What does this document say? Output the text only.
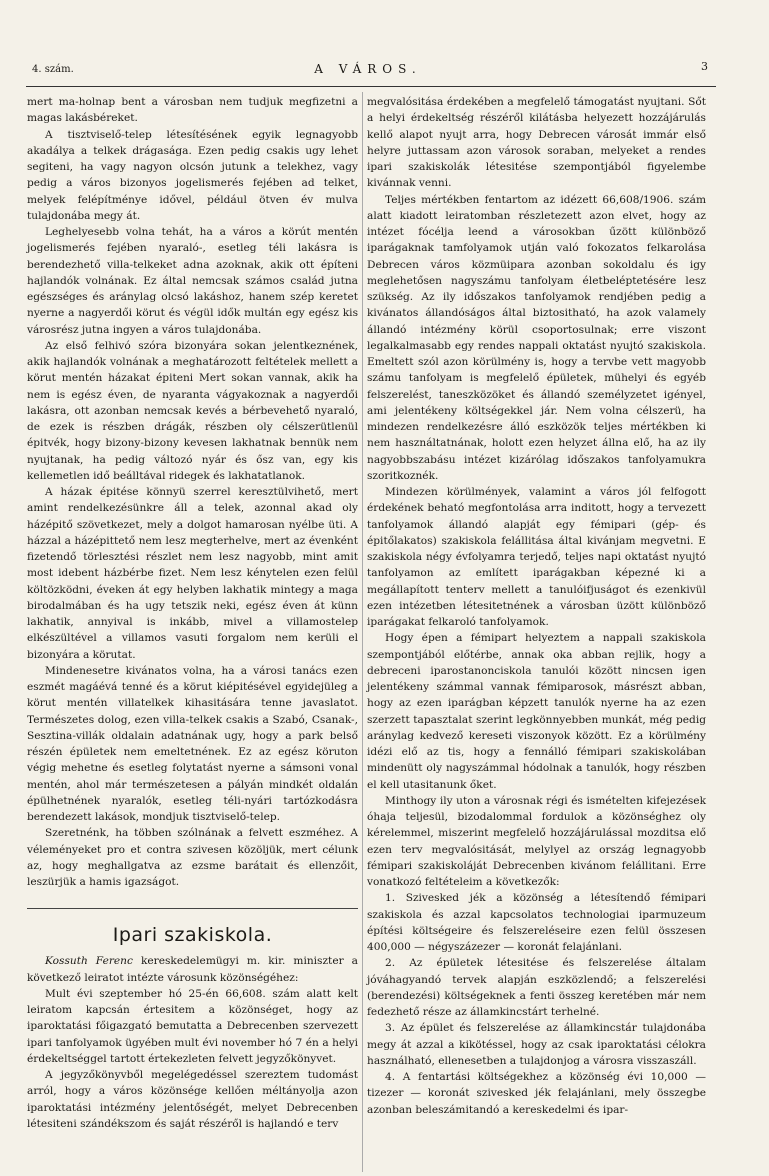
4. szám.	A VÁROS.	3

mert ma-holnap bent a városban nem tudjuk megfizetni a magas lakásbéreket.

A tisztviselő-telep létesítésének egyik legnagyobb akadálya a telkek drágasága. Ezen pedig csakis ugy lehet segiteni, ha vagy nagyon olcsón jutunk a telekhez, vagy pedig a város bizonyos jogelismerés fejében ad telket, melyek felépítménye idővel, például ötven év mulva tulajdonába megy át.

Leghelyesebb volna tehát, ha a város a körút mentén jogelismerés fejében nyaraló-, esetleg téli lakásra is berendezhető villa-telkeket adna azoknak, akik ott építeni hajlandók volnának. Ez által nemcsak számos család jutna egészséges és aránylag olcsó lakáshoz, hanem szép keretet nyerne a nagyerdői körut és végül idők multán egy egész kis városrész jutna ingyen a város tulajdonába.

Az első felhivó szóra bizonyára sokan jelentkeznének, akik hajlandók volnának a meghatározott feltételek mellett a körut mentén házakat épiteni Mert sokan vannak, akik ha nem is egész éven, de nyaranta vágyakoznak a nagyerdői lakásra, ott azonban nemcsak kevés a bérbevehető nyaraló, de ezek is részben drágák, részben oly célszerütlenül épitvék, hogy bizony-bizony kevesen lakhatnak bennük nem nyujtanak, ha pedig változó nyár és ősz van, egy kis kellemetlen idő beálltával ridegek és lakhatatlanok.

A házak épitése könnyü szerrel keresztülvihető, mert amint rendelkezésünkre áll a telek, azonnal akad oly házépitő szövetkezet, mely a dolgot hamarosan nyélbe üti. A házzal a házépittető nem lesz megterhelve, mert az évenként fizetendő törlesztési részlet nem lesz nagyobb, mint amit most idebent házbérbe fizet. Nem lesz kénytelen ezen felül költözködni, éveken át egy helyben lakhatik mintegy a maga birodalmában és ha ugy tetszik neki, egész éven át künn lakhatik, annyival is inkább, mivel a villamostelep elkészültével a villamos vasuti forgalom nem kerüli el bizonyára a körutat.

Mindenesetre kivánatos volna, ha a városi tanács ezen eszmét magáévá tenné és a körut kiépitésével egyidejüleg a körut mentén villatelkek kihasitására tenne javaslatot. Természetes dolog, ezen villa-telkek csakis a Szabó, Csanak-, Sesztina-villák oldalain adatnának ugy, hogy a park belső részén épületek nem emeltetnének. Ez az egész köruton végig mehetne és esetleg folytatást nyerne a sámsoni vonal mentén, ahol már természetesen a pályán mindkét oldalán épülhetnének nyaralók, esetleg téli-nyári tartózkodásra berendezett lakások, mondjuk tisztviselő-telep.

Szeretnénk, ha többen szólnának a felvett eszméhez. A véleményeket pro et contra szivesen közöljük, mert célunk az, hogy meghallgatva az ezsme barátait és ellenzőit, leszürjük a hamis igazságot.

Ipari szakiskola.

Kossuth Ferenc kereskedelemügyi m. kir. miniszter a következő leiratot intézte városunk közönségéhez:

Mult évi szeptember hó 25-én 66,608. szám alatt kelt leiratom kapcsán értesitem a közönséget, hogy az iparoktatási főigazgató bemutatta a Debrecenben szervezett ipari tanfolyamok ügyében mult évi november hó 7 én a helyi érdekeltséggel tartott értekezleten felvett jegyzőkönyvet.

A jegyzőkönyvből megelégedéssel szereztem tudomást arról, hogy a város közönsége kellően méltányolja azon iparoktatási intézmény jelentőségét, melyet Debrecenben létesiteni szándékszom és saját részéről is hajlandó e terv

megvalósitása érdekében a megfelelő támogatást nyujtani. Sőt a helyi érdekeltség részéről kilátásba helyezett hozzájárulás kellő alapot nyujt arra, hogy Debrecen városát immár első helyre juttassam azon városok soraban, melyeket a rendes ipari szakiskolák létesitése szempontjából figyelembe kivánnak venni.

Teljes mértékben fentartom az idézett 66,608/1906. szám alatt kiadott leiratomban részletezett azon elvet, hogy az intézet fócélja leend a városokban űzött különböző iparágaknak tamfolyamok utján való fokozatos felkarolása Debrecen város közmüipara azonban sokoldalu és igy meglehetősen nagyszámu tanfolyam életbeléptetésére lesz szükség. Az ily időszakos tanfolyamok rendjében pedig a kivánatos állandóságos által biztositható, ha azok valamely állandó intézmény körül csoportosulnak; erre viszont legalkalmasabb egy rendes nappali oktatást nyujtó szakiskola. Emeltett szól azon körülmény is, hogy a tervbe vett magyobb számu tanfolyam is megfelelő épületek, mühelyi és egyéb felszerelést, taneszközöket és állandó személyzetet igényel, ami jelentékeny költségekkel jár. Nem volna célszerü, ha mindezen rendelkezésre álló eszközök teljes mértékben ki nem használtatnának, holott ezen helyzet állna elő, ha az ily nagyobbszabásu intézet kizárólag időszakos tanfolyamukra szoritkoznék.

Mindezen körülmények, valamint a város jól felfogott érdekének beható megfontolása arra inditott, hogy a tervezett tanfolyamok állandó alapját egy fémipari (gép- és épitőlakatos) szakiskola felállitása által kivánjam megvetni. E szakiskola négy évfolyamra terjedő, teljes napi oktatást nyujtó tanfolyamon az említett iparágakban képezné ki a megállapított tenterv mellett a tanulóifjuságot és ezenkivül ezen intézetben létesitetnének a városban üzött különböző iparágakat felkaroló tanfolyamok.

Hogy épen a fémipart helyeztem a nappali szakiskola szempontjából előtérbe, annak oka abban rejlik, hogy a debreceni iparostanonciskola tanulói között nincsen igen jelentékeny számmal vannak fémiparosok, másrészt abban, hogy az ezen iparágban képzett tanulók nyerne ha az ezen szerzett tapasztalat szerint legkönnyebben munkát, még pedig aránylag kedvező kereseti viszonyok között. Ez a körülmény idézi elő az tis, hogy a fennálló fémipari szakiskolában mindenütt oly nagyszámmal hódolnak a tanulók, hogy részben el kell utasitanunk őket.

Minthogy ily uton a városnak régi és ismételten kifejezések óhaja teljesül, bizodalommal fordulok a közönséghez oly kérelemmel, miszerint megfelelő hozzájárulással mozditsa elő ezen terv megvalósitását, melylyel az ország legnagyobb fémipari szakiskoláját Debrecenben kivánom felállitani. Erre vonatkozó feltételeim a következők:

1. Szivesked jék a közönség a létesítendő fémipari szakiskola és azzal kapcsolatos technologiai iparmuzeum építési költségeire és felszereléseire ezen felül összesen 400,000 — négyszázezer — koronát felajánlani.

2. Az épületek létesitése és felszerelése általam jóváhagyandó tervek alapján eszközlendő; a felszerelési (berendezési) költségeknek a fenti összeg keretében már nem fedezhető része az államkincstárt terhelné.

3. Az épület és felszerelése az államkincstár tulajdonába megy át azzal a kikötéssel, hogy az csak iparoktatási célokra használható, ellenesetben a tulajdonjog a városra visszaszáll.

4. A fentartási költségekhez a közönség évi 10,000 — tizezer — koronát szivesked jék felajánlani, mely összegbe azonban beleszámitandó a kereskedelmi és ipar-
